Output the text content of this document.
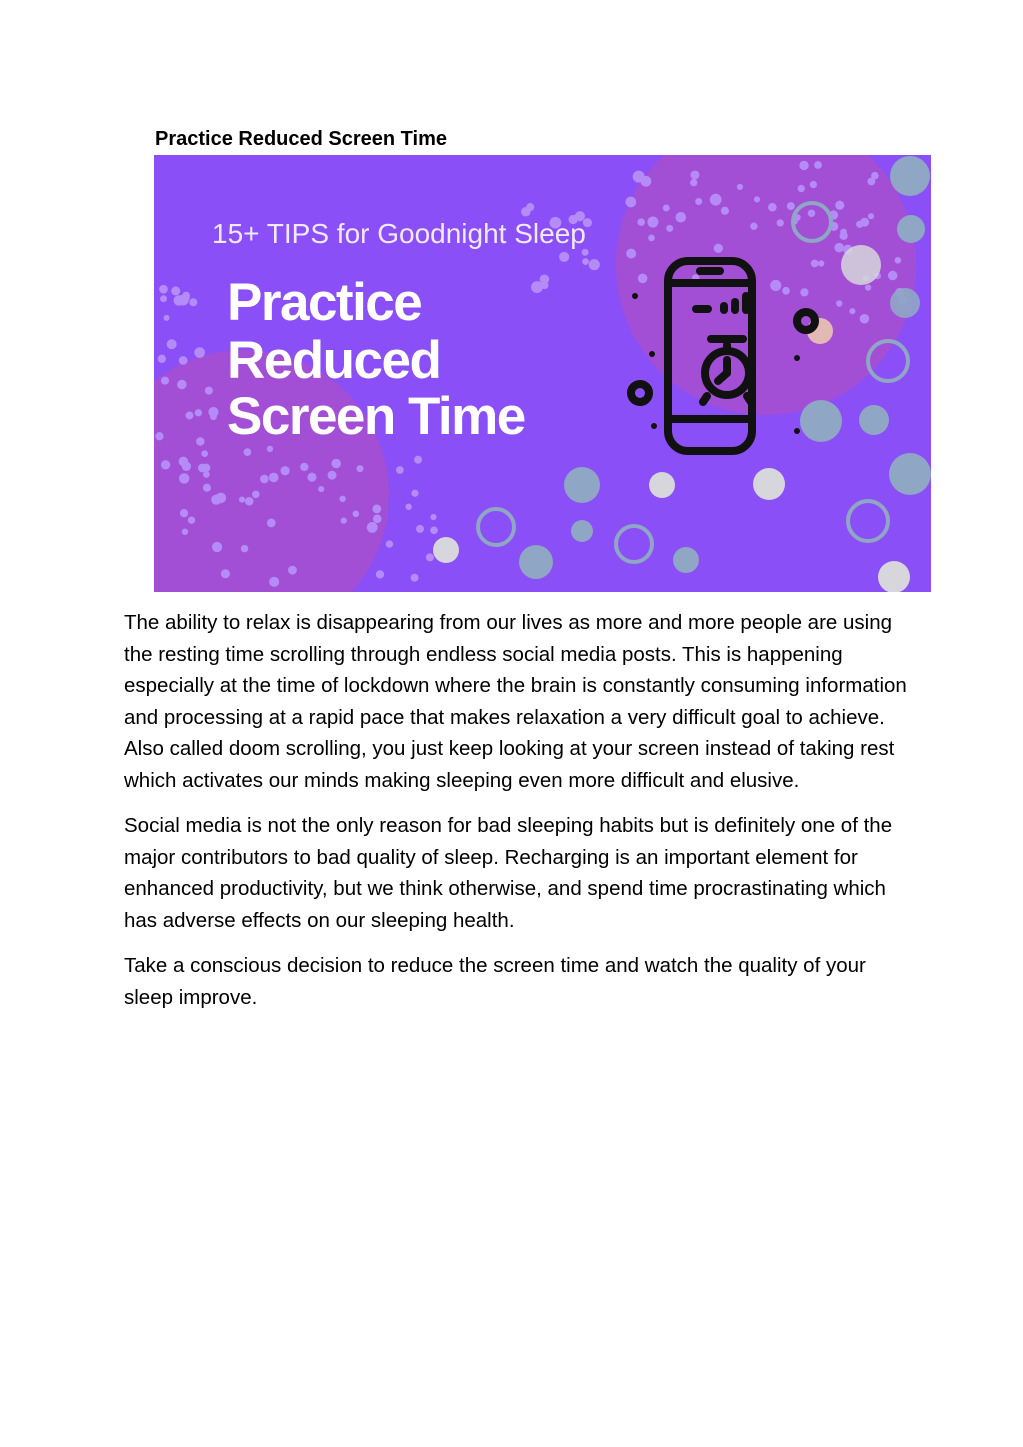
Practice Reduced Screen Time
15+ TIPS for Goodnight Sleep
Practice
Reduced
Screen Time

The ability to relax is disappearing from our lives as more and more people are using the resting time scrolling through endless social media posts. This is happening especially at the time of lockdown where the brain is constantly consuming information and processing at a rapid pace that makes relaxation a very difficult goal to achieve. Also called doom scrolling, you just keep looking at your screen instead of taking rest which activates our minds making sleeping even more difficult and elusive.

Social media is not the only reason for bad sleeping habits but is definitely one of the major contributors to bad quality of sleep. Recharging is an important element for enhanced productivity, but we think otherwise, and spend time procrastinating which has adverse effects on our sleeping health.

Take a conscious decision to reduce the screen time and watch the quality of your sleep improve.
